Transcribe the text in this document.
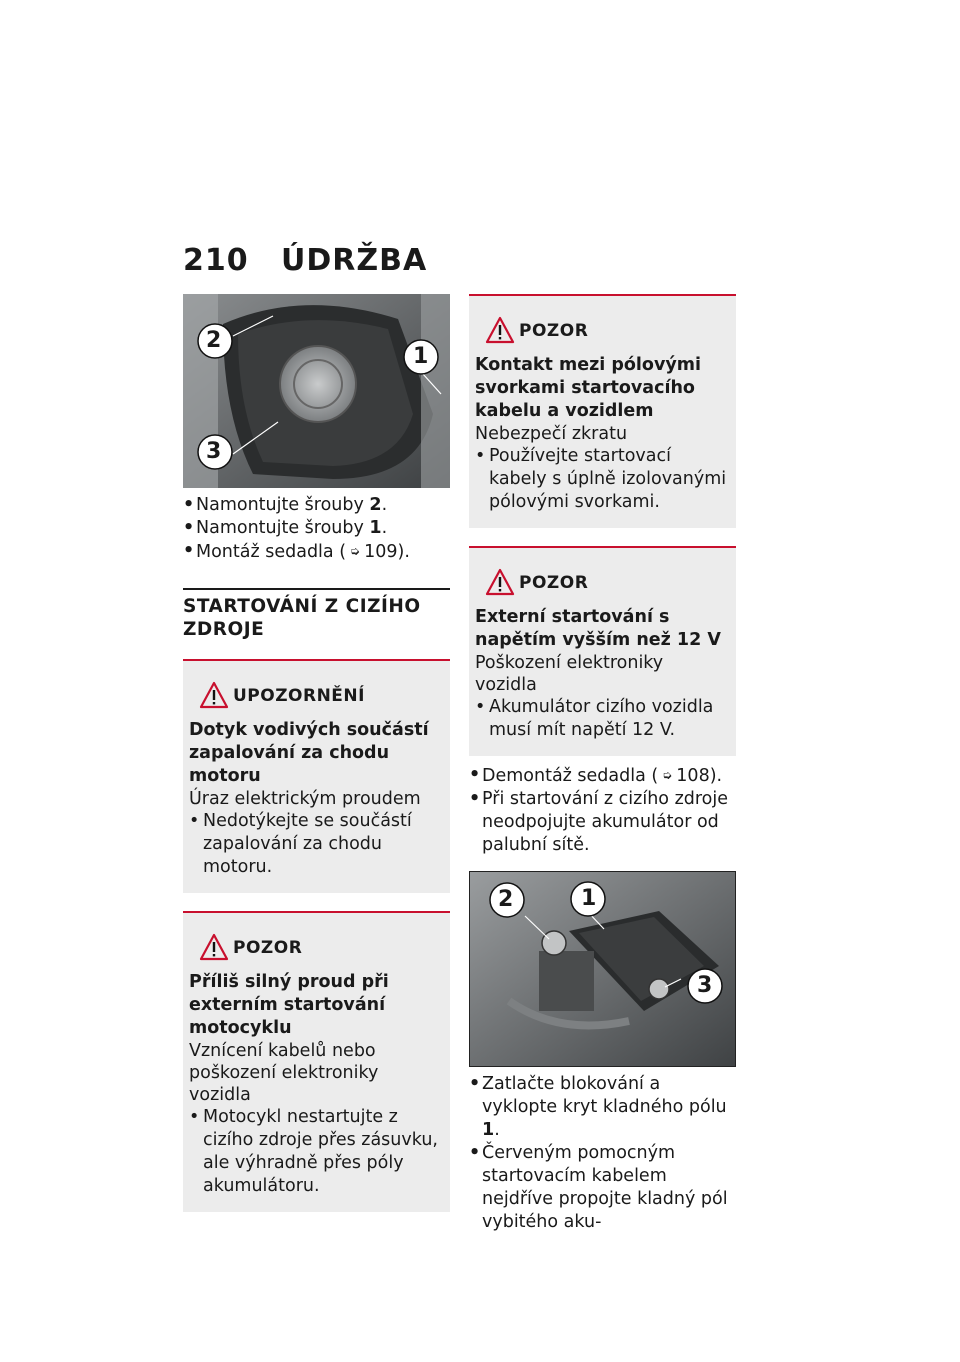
210 ÚDRŽBA
2
1
3
• Namontujte šrouby 2.
• Namontujte šrouby 1.
• Montáž sedadla ( ➭ 109).
STARTOVÁNÍ Z CIZÍHO
ZDROJE
UPOZORNĚNÍ
Dotyk vodivých součástí zapalování za chodu motoru
Úraz elektrickým proudem
• Nedotýkejte se součástí zapalování za chodu motoru.
POZOR
Příliš silný proud při externím startování motocyklu
Vznícení kabelů nebo poškození elektroniky vozidla
• Motocykl nestartujte z cizího zdroje přes zásuvku, ale výhradně přes póly akumulátoru.
POZOR
Kontakt mezi pólovými svorkami startovacího kabelu a vozidlem
Nebezpečí zkratu
• Používejte startovací kabely s úplně izolovanými pólovými svorkami.
POZOR
Externí startování s napětím vyšším než 12 V
Poškození elektroniky vozidla
• Akumulátor cizího vozidla musí mít napětí 12 V.
• Demontáž sedadla ( ➭ 108).
• Při startování z cizího zdroje neodpojujte akumulátor od palubní sítě.
2	1
3
• Zatlačte blokování a vyklopte kryt kladného pólu 1.
• Červeným pomocným startovacím kabelem nejdříve propojte kladný pól vybitého aku-
